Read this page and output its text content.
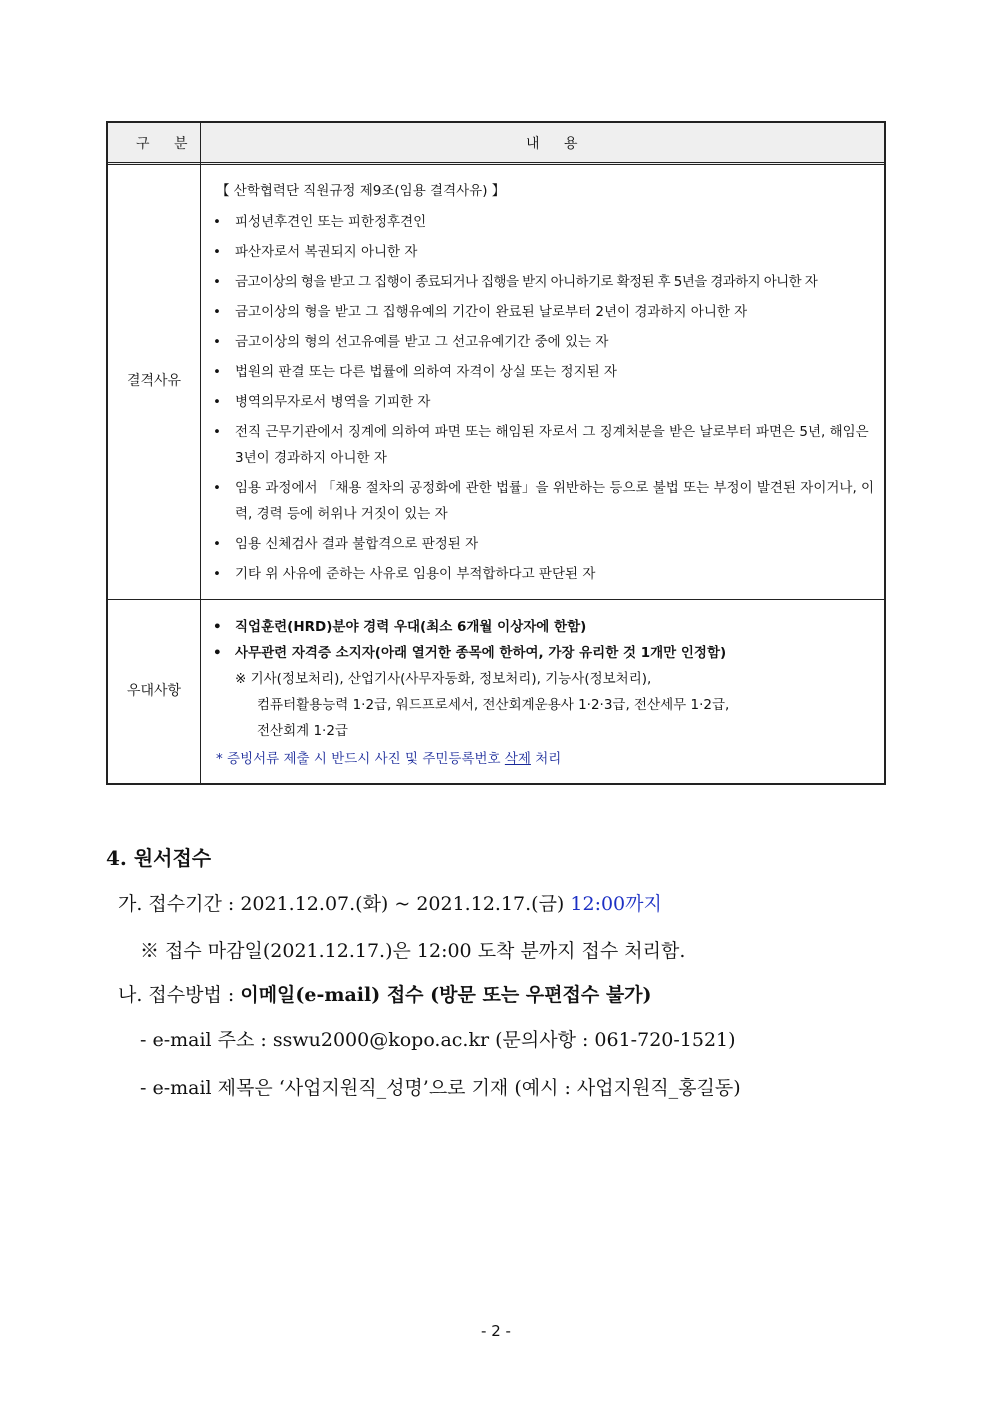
구 분	내 용
결격사유
【 산학협력단 직원규정 제9조(임용 결격사유) 】
• 피성년후견인 또는 피한정후견인
• 파산자로서 복권되지 아니한 자
• 금고이상의 형을 받고 그 집행이 종료되거나 집행을 받지 아니하기로 확정된 후 5년을 경과하지 아니한 자
• 금고이상의 형을 받고 그 집행유예의 기간이 완료된 날로부터 2년이 경과하지 아니한 자
• 금고이상의 형의 선고유예를 받고 그 선고유예기간 중에 있는 자
• 법원의 판결 또는 다른 법률에 의하여 자격이 상실 또는 정지된 자
• 병역의무자로서 병역을 기피한 자
• 전직 근무기관에서 징계에 의하여 파면 또는 해임된 자로서 그 징계처분을 받은 날로부터 파면은 5년, 해임은 3년이 경과하지 아니한 자
• 임용 과정에서 「채용 절차의 공정화에 관한 법률」을 위반하는 등으로 불법 또는 부정이 발견된 자이거나, 이력, 경력 등에 허위나 거짓이 있는 자
• 임용 신체검사 결과 불합격으로 판정된 자
• 기타 위 사유에 준하는 사유로 임용이 부적합하다고 판단된 자
우대사항
• 직업훈련(HRD)분야 경력 우대(최소 6개월 이상자에 한함)
• 사무관련 자격증 소지자(아래 열거한 종목에 한하여, 가장 유리한 것 1개만 인정함)
※ 기사(정보처리), 산업기사(사무자동화, 정보처리), 기능사(정보처리),
컴퓨터활용능력 1·2급, 워드프로세서, 전산회계운용사 1·2·3급, 전산세무 1·2급,
전산회계 1·2급
* 증빙서류 제출 시 반드시 사진 및 주민등록번호 삭제 처리
4. 원서접수
가. 접수기간 : 2021.12.07.(화) ~ 2021.12.17.(금) 12:00까지
※ 접수 마감일(2021.12.17.)은 12:00 도착 분까지 접수 처리함.
나. 접수방법 : 이메일(e-mail) 접수 (방문 또는 우편접수 불가)
- e-mail 주소 : sswu2000@kopo.ac.kr (문의사항 : 061-720-1521)
- e-mail 제목은 ‘사업지원직_성명’으로 기재 (예시 : 사업지원직_홍길동)
- 2 -
